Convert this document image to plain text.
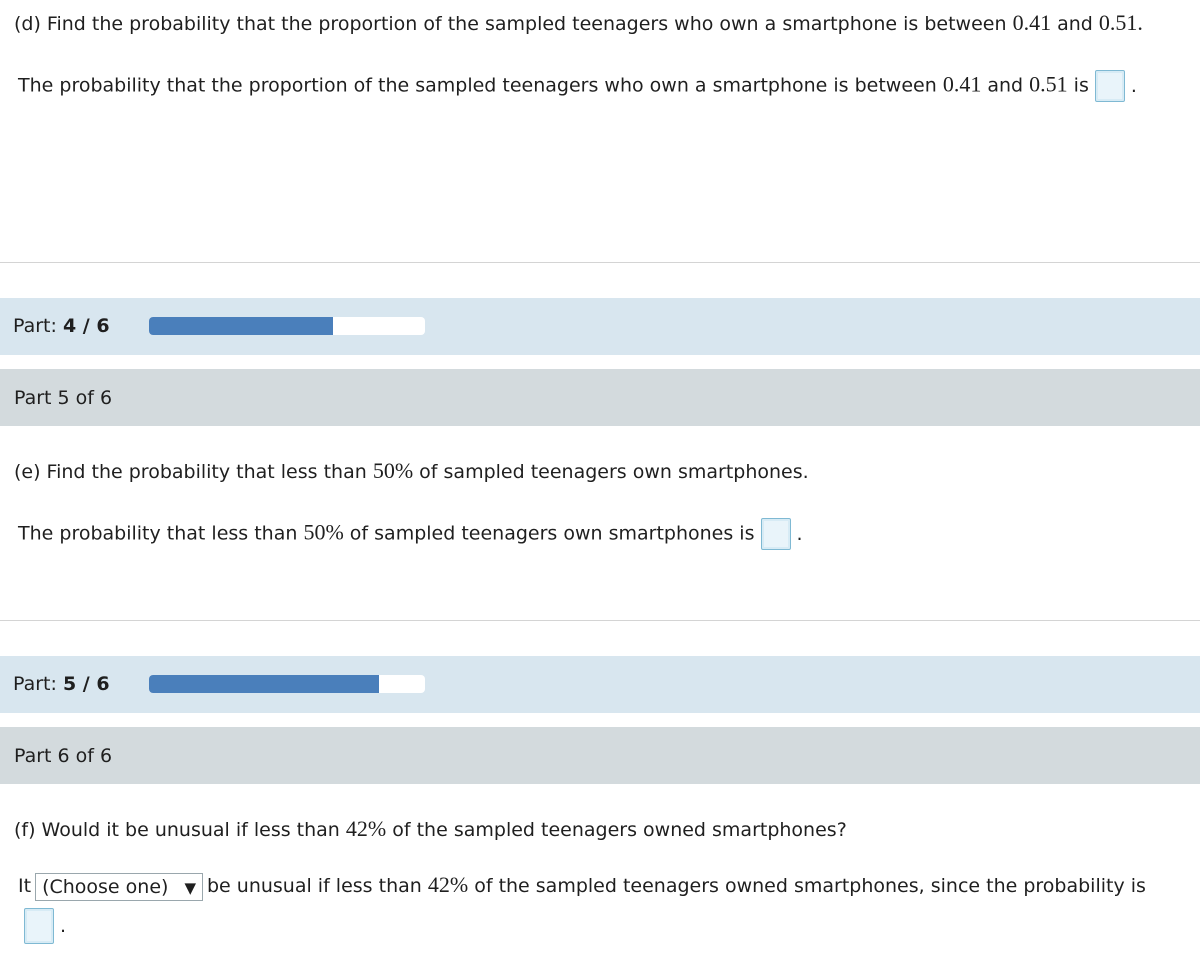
(d) Find the probability that the proportion of the sampled teenagers who own a smartphone is between 0.41 and 0.51.
The probability that the proportion of the sampled teenagers who own a smartphone is between 0.41 and 0.51 is .
Part: 4 / 6
Part 5 of 6
(e) Find the probability that less than 50% of sampled teenagers own smartphones.
The probability that less than 50% of sampled teenagers own smartphones is .
Part: 5 / 6
Part 6 of 6
(f) Would it be unusual if less than 42% of the sampled teenagers owned smartphones?
It (Choose one) ▼ be unusual if less than 42% of the sampled teenagers owned smartphones, since the probability is
.
